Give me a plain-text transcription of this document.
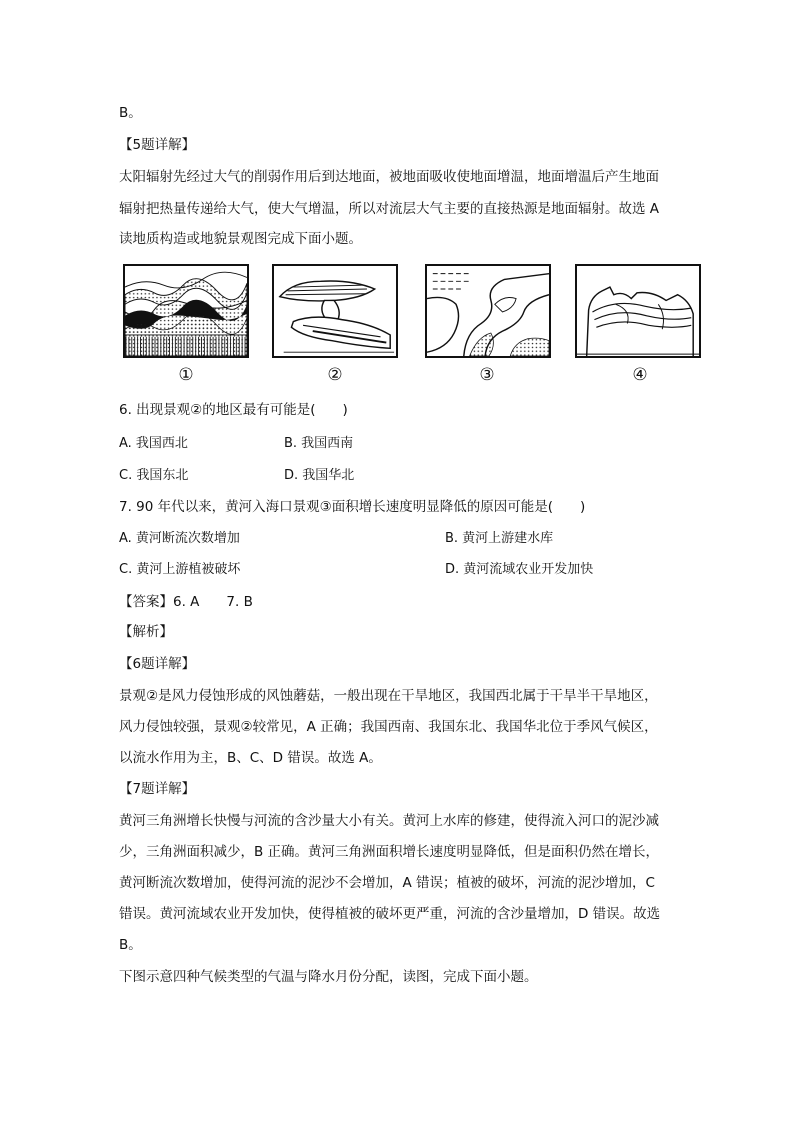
B。
【5题详解】
太阳辐射先经过大气的削弱作用后到达地面，被地面吸收使地面增温，地面增温后产生地面
辐射把热量传递给大气，使大气增温，所以对流层大气主要的直接热源是地面辐射。故选 A
读地质构造或地貌景观图完成下面小题。
①	②	③	④
6. 出现景观②的地区最有可能是(　　)
A. 我国西北	B. 我国西南
C. 我国东北	D. 我国华北
7. 90 年代以来，黄河入海口景观③面积增长速度明显降低的原因可能是(　　)
A. 黄河断流次数增加	B. 黄河上游建水库
C. 黄河上游植被破坏	D. 黄河流域农业开发加快
【答案】6. A　　7. B
【解析】
【6题详解】
景观②是风力侵蚀形成的风蚀蘑菇，一般出现在干旱地区，我国西北属于干旱半干旱地区，
风力侵蚀较强，景观②较常见，A 正确；我国西南、我国东北、我国华北位于季风气候区，
以流水作用为主，B、C、D 错误。故选 A。
【7题详解】
黄河三角洲增长快慢与河流的含沙量大小有关。黄河上水库的修建，使得流入河口的泥沙减
少，三角洲面积减少，B 正确。黄河三角洲面积增长速度明显降低，但是面积仍然在增长，
黄河断流次数增加，使得河流的泥沙不会增加，A 错误；植被的破坏，河流的泥沙增加，C
错误。黄河流域农业开发加快，使得植被的破坏更严重，河流的含沙量增加，D 错误。故选
B。
下图示意四种气候类型的气温与降水月份分配，读图，完成下面小题。
